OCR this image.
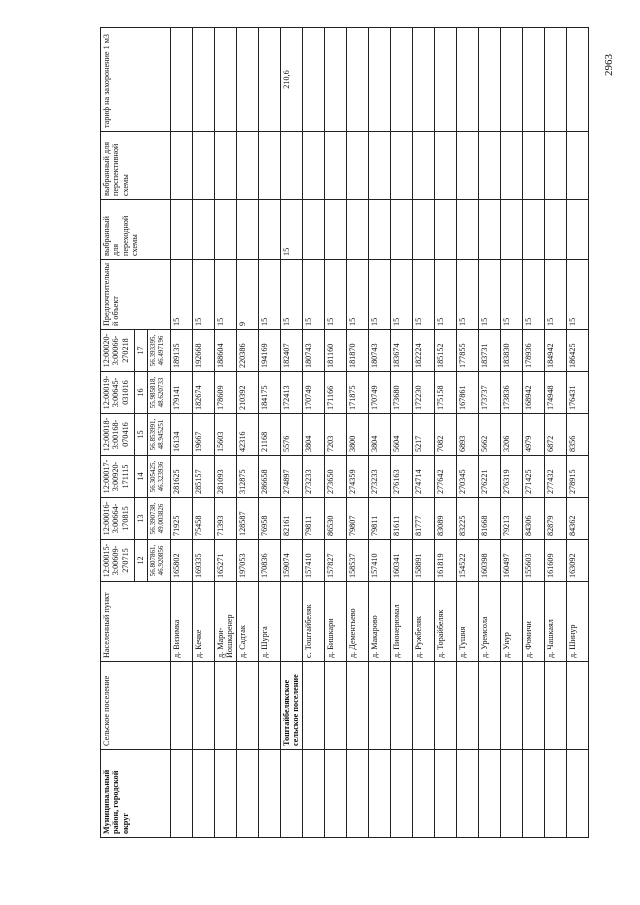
2963
Муниципальный район, городской округ	Сельское поселение	Населенный пункт	12:00015-3:00609-270715	12:00016-3:00664-170815	12:00017-3:00920-171115	12:00018-3:00168-070416	12:00019-3:00645-031016	12:00020-3:00066-270218	Предпочтительный объект	выбранный для переходной схемы	выбранный для перспективной схемы	тариф на захоронение 1 м3
			12	13	14	15	16	17				
			56.807861, 46.920856	56.390738, 49.003826	56.305425, 46.323936	56.853991, 48.945251	55.985818, 48.620733	56.393395, 46.497196				
		д. Визимка	165802	71925	281625	16134	179141	189135	15			
		д. Кечке	169335	75458	285157	19667	182674	192668	15			
		д. Мари-Йошкаренер	165271	71393	281093	15603	178609	188604	15			
		д. Садтак	197053	128587	312875	42316	210392	220386	9			
		д. Шурга	170836	76958	286658	21168	184175	194169	15			
	Тоштайбелякское сельское поселение		159074	82161	274897	5576	172413	182407	15	15		210,6
		с. Тоштайбеляк	157410	79811	273233	3804	170749	180743	15			
		д. Бишкари	157827	86530	273650	7203	171166	181160	15			
		д. Дементьево	158537	79807	274359	3800	171875	181870	15			
		д. Макарово	157410	79811	273233	3804	170749	180743	15			
		д. Пионерюмал	160341	81611	276163	5604	173680	183674	15			
		д. Ружбеляк	158891	81777	274714	5217	172230	182224	15			
		д. Торайбеляк	161819	83089	277642	7082	175158	185152	15			
		д. Тушня	154522	83225	270345	6893	167861	177855	15			
		д. Уремсола	160398	81668	276221	5662	173737	183731	15			
		д. Унур	160497	79213	276319	3206	173836	183830	15			
		д. Фомичи	155603	84306	271425	4979	168942	178936	15			
		д. Чашкаял	161609	82879	277432	6872	174948	184942	15			
		д. Шинур	163092	84362	278915	8356	176431	186425	15			
